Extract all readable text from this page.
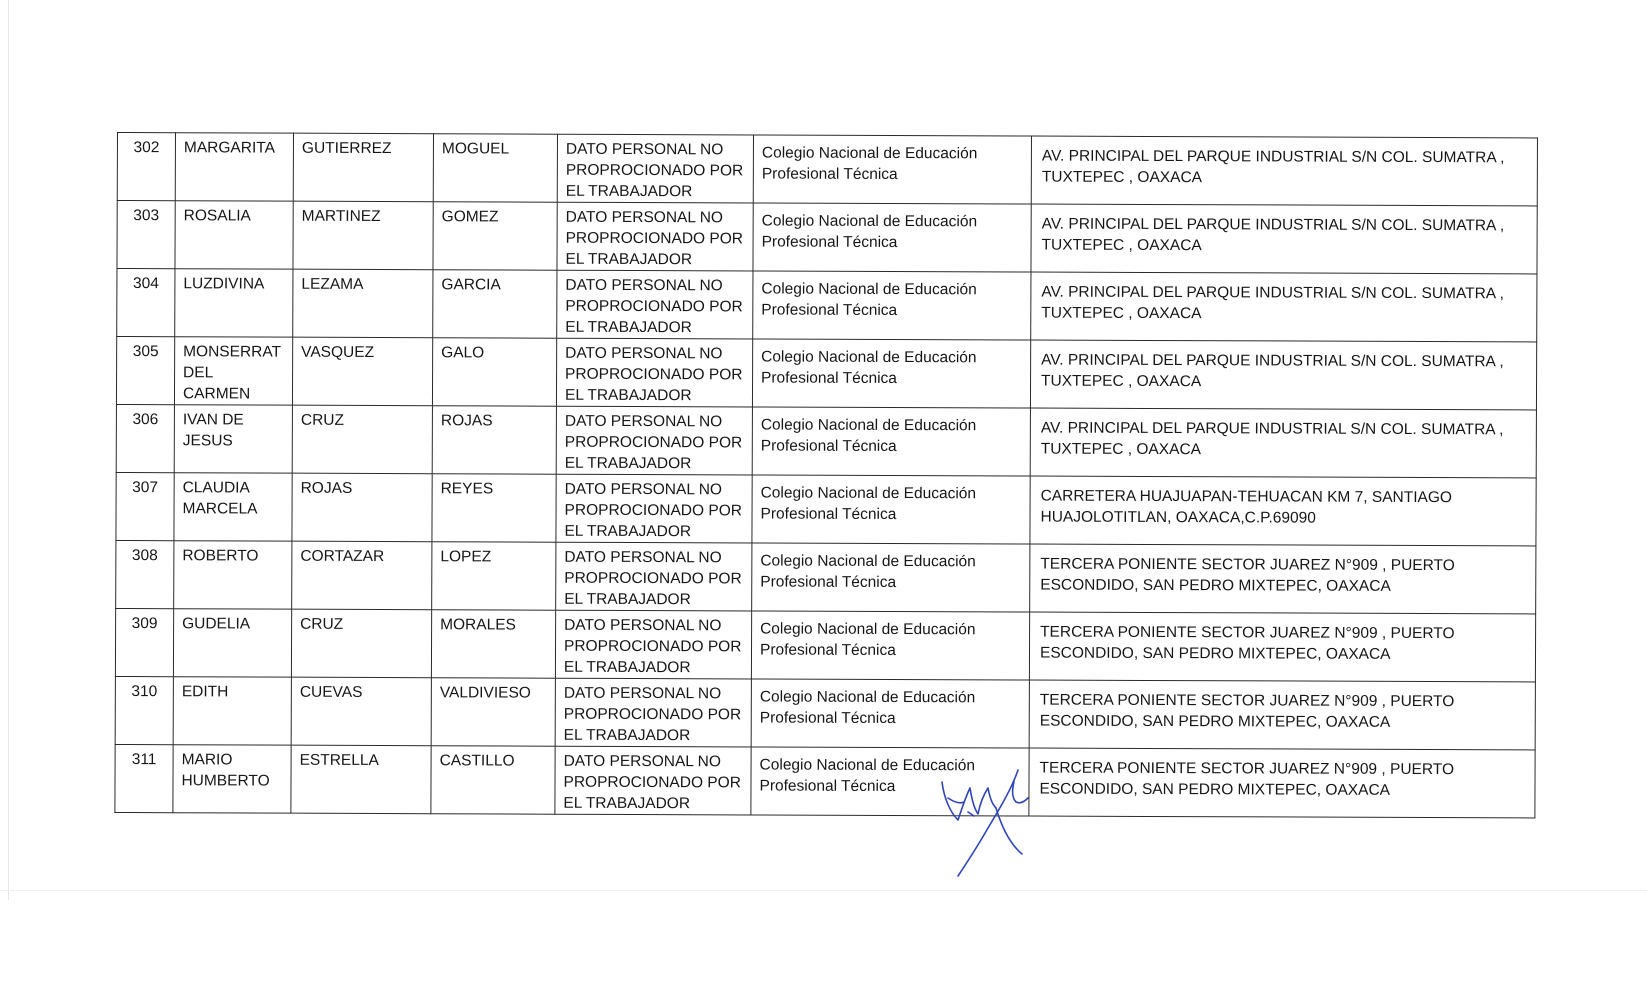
302	MARGARITA	GUTIERREZ	MOGUEL	DATO PERSONAL NO PROPROCIONADO POR EL TRABAJADOR	Colegio Nacional de Educación Profesional Técnica	AV. PRINCIPAL DEL PARQUE INDUSTRIAL S/N COL. SUMATRA , TUXTEPEC , OAXACA
303	ROSALIA	MARTINEZ	GOMEZ	DATO PERSONAL NO PROPROCIONADO POR EL TRABAJADOR	Colegio Nacional de Educación Profesional Técnica	AV. PRINCIPAL DEL PARQUE INDUSTRIAL S/N COL. SUMATRA , TUXTEPEC , OAXACA
304	LUZDIVINA	LEZAMA	GARCIA	DATO PERSONAL NO PROPROCIONADO POR EL TRABAJADOR	Colegio Nacional de Educación Profesional Técnica	AV. PRINCIPAL DEL PARQUE INDUSTRIAL S/N COL. SUMATRA , TUXTEPEC , OAXACA
305	MONSERRAT DEL CARMEN	VASQUEZ	GALO	DATO PERSONAL NO PROPROCIONADO POR EL TRABAJADOR	Colegio Nacional de Educación Profesional Técnica	AV. PRINCIPAL DEL PARQUE INDUSTRIAL S/N COL. SUMATRA , TUXTEPEC , OAXACA
306	IVAN DE JESUS	CRUZ	ROJAS	DATO PERSONAL NO PROPROCIONADO POR EL TRABAJADOR	Colegio Nacional de Educación Profesional Técnica	AV. PRINCIPAL DEL PARQUE INDUSTRIAL S/N COL. SUMATRA , TUXTEPEC , OAXACA
307	CLAUDIA MARCELA	ROJAS	REYES	DATO PERSONAL NO PROPROCIONADO POR EL TRABAJADOR	Colegio Nacional de Educación Profesional Técnica	CARRETERA HUAJUAPAN-TEHUACAN KM 7, SANTIAGO HUAJOLOTITLAN, OAXACA,C.P.69090
308	ROBERTO	CORTAZAR	LOPEZ	DATO PERSONAL NO PROPROCIONADO POR EL TRABAJADOR	Colegio Nacional de Educación Profesional Técnica	TERCERA PONIENTE SECTOR JUAREZ N°909 , PUERTO ESCONDIDO, SAN PEDRO MIXTEPEC, OAXACA
309	GUDELIA	CRUZ	MORALES	DATO PERSONAL NO PROPROCIONADO POR EL TRABAJADOR	Colegio Nacional de Educación Profesional Técnica	TERCERA PONIENTE SECTOR JUAREZ N°909 , PUERTO ESCONDIDO, SAN PEDRO MIXTEPEC, OAXACA
310	EDITH	CUEVAS	VALDIVIESO	DATO PERSONAL NO PROPROCIONADO POR EL TRABAJADOR	Colegio Nacional de Educación Profesional Técnica	TERCERA PONIENTE SECTOR JUAREZ N°909 , PUERTO ESCONDIDO, SAN PEDRO MIXTEPEC, OAXACA
311	MARIO HUMBERTO	ESTRELLA	CASTILLO	DATO PERSONAL NO PROPROCIONADO POR EL TRABAJADOR	Colegio Nacional de Educación Profesional Técnica	TERCERA PONIENTE SECTOR JUAREZ N°909 , PUERTO ESCONDIDO, SAN PEDRO MIXTEPEC, OAXACA
